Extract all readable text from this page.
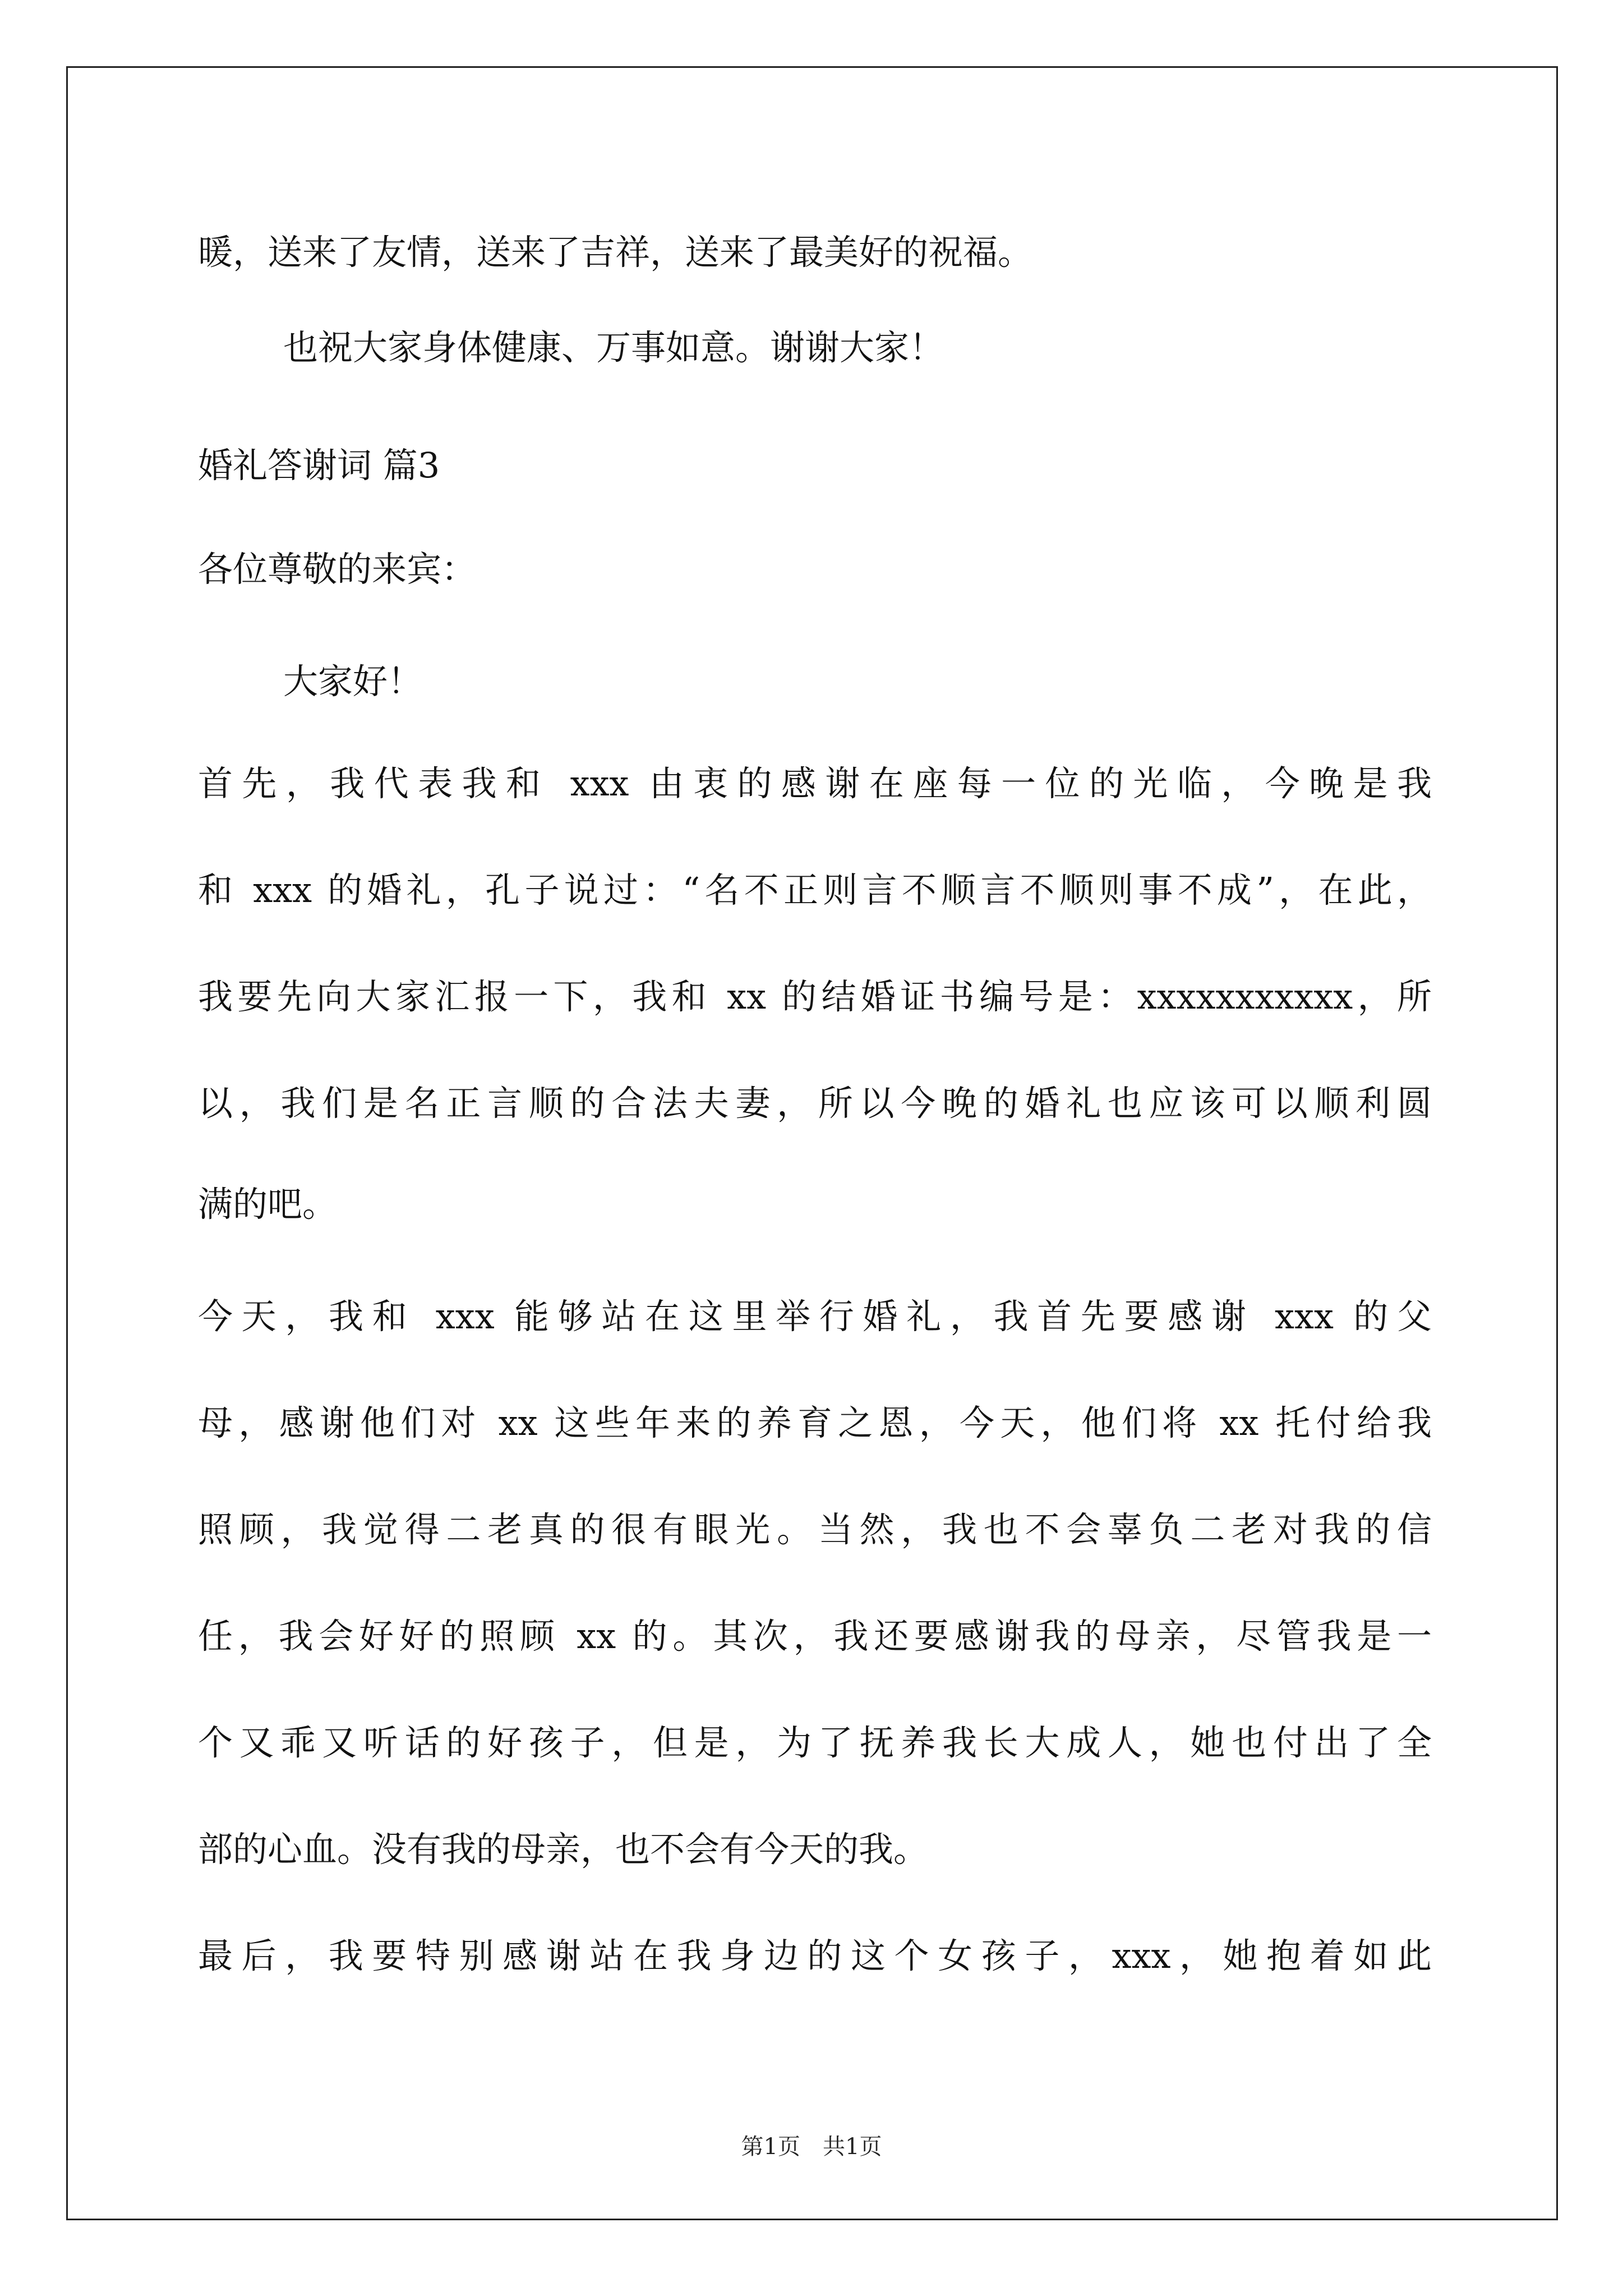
暖，送来了友情，送来了吉祥，送来了最美好的祝福。
也祝大家身体健康、万事如意。谢谢大家！
婚礼答谢词 篇3
各位尊敬的来宾：
大家好！
首先，我代表我和 xxx 由衷的感谢在座每一位的光临，今晚是我
和 xxx 的婚礼，孔子说过：“名不正则言不顺言不顺则事不成”，在此，
我要先向大家汇报一下，我和 xx 的结婚证书编号是：xxxxxxxxxxx，所
以，我们是名正言顺的合法夫妻，所以今晚的婚礼也应该可以顺利圆
满的吧。
今天，我和 xxx 能够站在这里举行婚礼，我首先要感谢 xxx 的父
母，感谢他们对 xx 这些年来的养育之恩，今天，他们将 xx 托付给我
照顾，我觉得二老真的很有眼光。当然，我也不会辜负二老对我的信
任，我会好好的照顾 xx 的。其次，我还要感谢我的母亲，尽管我是一
个又乖又听话的好孩子，但是，为了抚养我长大成人，她也付出了全
部的心血。没有我的母亲，也不会有今天的我。
最后，我要特别感谢站在我身边的这个女孩子，xxx，她抱着如此
第1页　共1页
